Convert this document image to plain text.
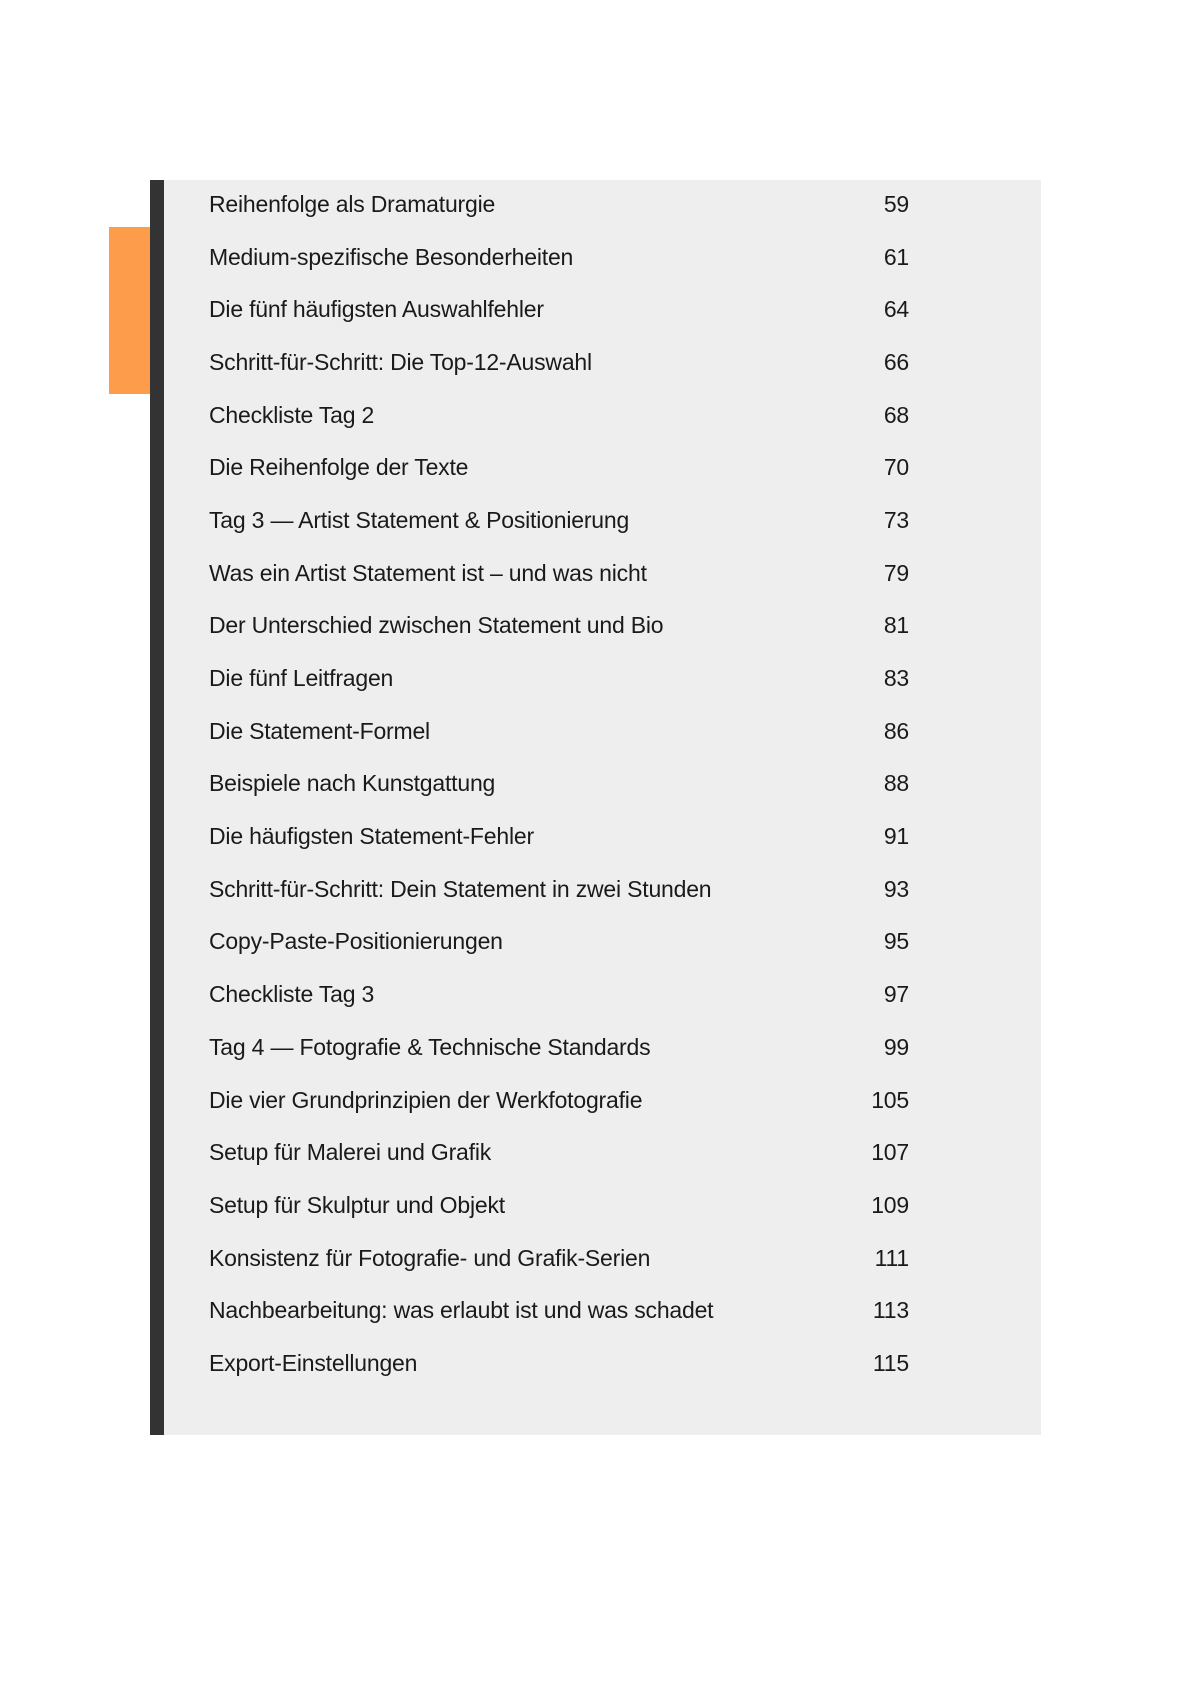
Reihenfolge als Dramaturgie	59
Medium-spezifische Besonderheiten	61
Die fünf häufigsten Auswahlfehler	64
Schritt-für-Schritt: Die Top-12-Auswahl	66
Checkliste Tag 2	68
Die Reihenfolge der Texte	70
Tag 3 — Artist Statement & Positionierung	73
Was ein Artist Statement ist – und was nicht	79
Der Unterschied zwischen Statement und Bio	81
Die fünf Leitfragen	83
Die Statement-Formel	86
Beispiele nach Kunstgattung	88
Die häufigsten Statement-Fehler	91
Schritt-für-Schritt: Dein Statement in zwei Stunden	93
Copy-Paste-Positionierungen	95
Checkliste Tag 3	97
Tag 4 — Fotografie & Technische Standards	99
Die vier Grundprinzipien der Werkfotografie	105
Setup für Malerei und Grafik	107
Setup für Skulptur und Objekt	109
Konsistenz für Fotografie- und Grafik-Serien	111
Nachbearbeitung: was erlaubt ist und was schadet	113
Export-Einstellungen	115
